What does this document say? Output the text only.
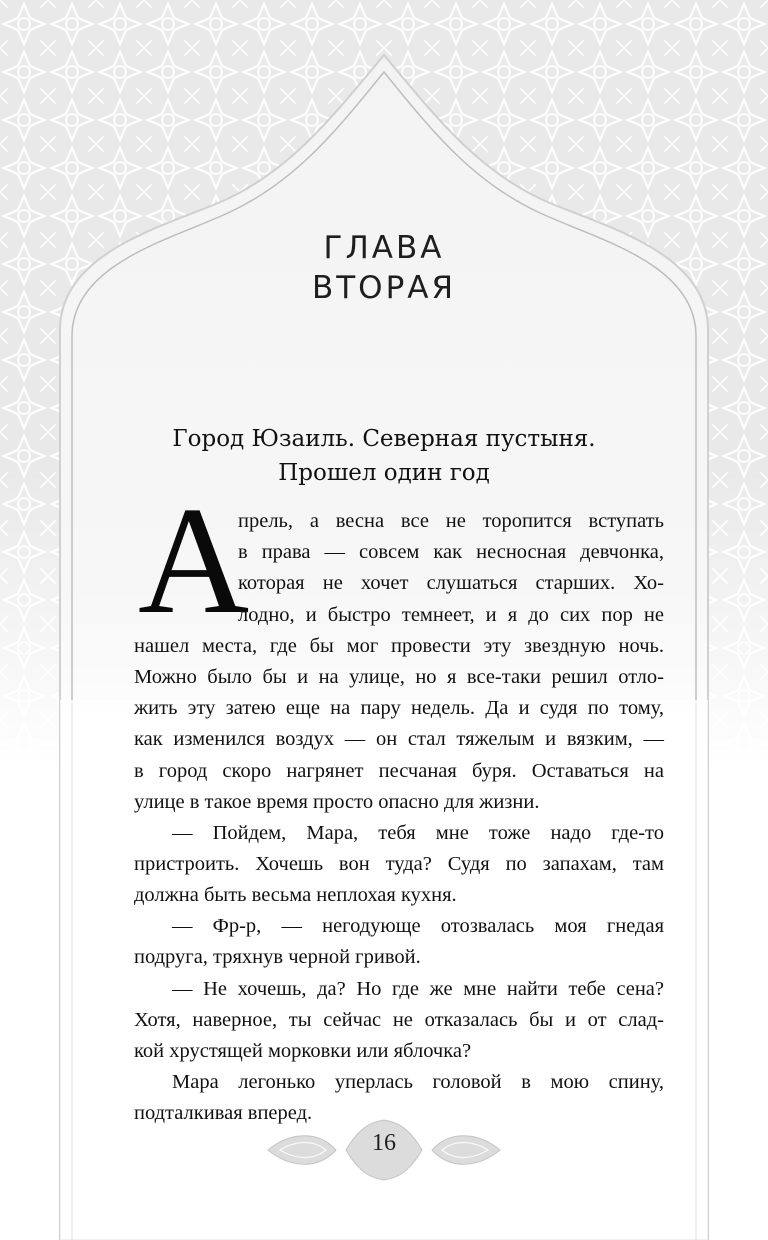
ГЛАВА
ВТОРАЯ
Город Юзаиль. Северная пустыня.
Прошел один год
А
прель, а весна все не торопится вступать
в права — совсем как несносная девчонка,
которая не хочет слушаться старших. Хо-
лодно, и быстро темнеет, и я до сих пор не
нашел места, где бы мог провести эту звездную ночь.
Можно было бы и на улице, но я все-таки решил отло-
жить эту затею еще на пару недель. Да и судя по тому,
как изменился воздух — он стал тяжелым и вязким, —
в город скоро нагрянет песчаная буря. Оставаться на
улице в такое время просто опасно для жизни.
— Пойдем, Мара, тебя мне тоже надо где-то
пристроить. Хочешь вон туда? Судя по запахам, там
должна быть весьма неплохая кухня.
— Фр-р, — негодующе отозвалась моя гнедая
подруга, тряхнув черной гривой.
— Не хочешь, да? Но где же мне найти тебе сена?
Хотя, наверное, ты сейчас не отказалась бы и от слад-
кой хрустящей морковки или яблочка?
Мара легонько уперлась головой в мою спину,
подталкивая вперед.
16
